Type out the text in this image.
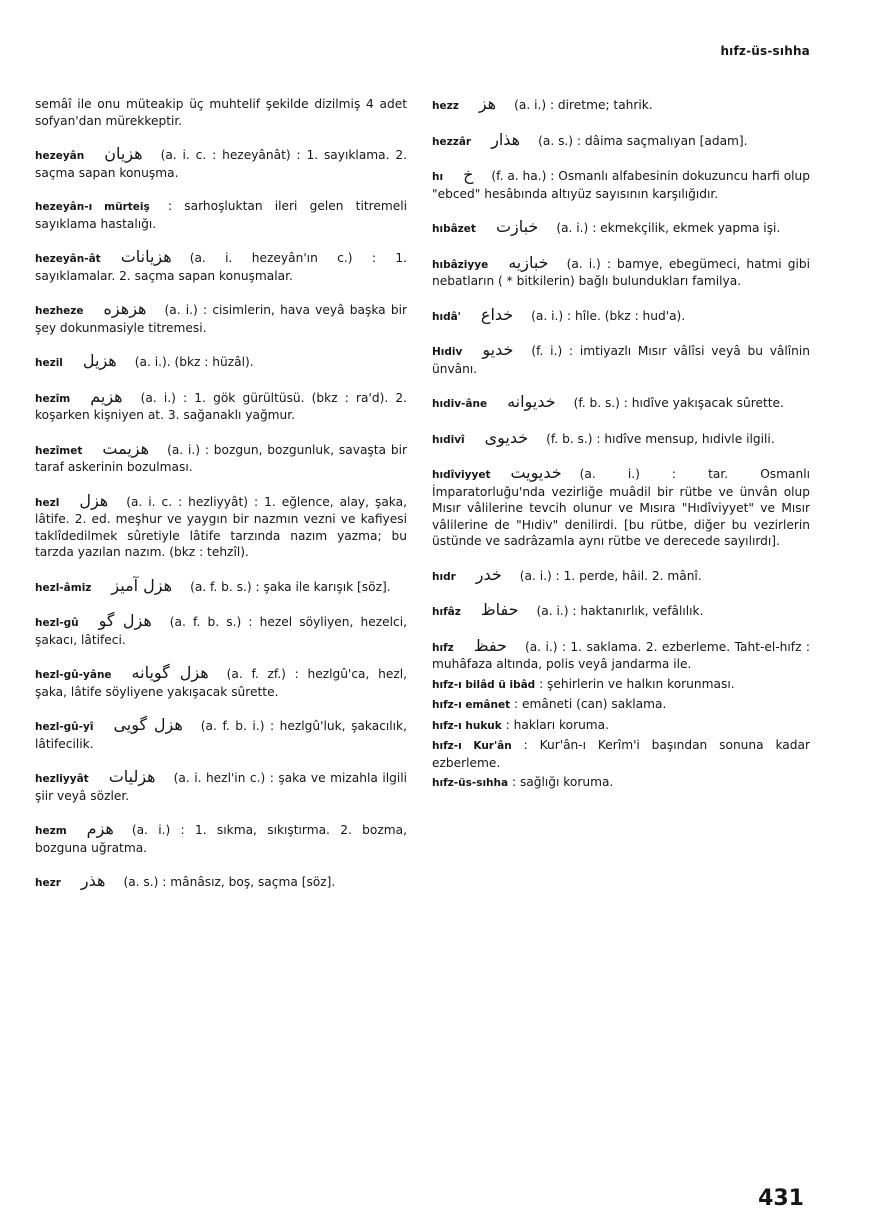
hıfz-üs-sıhha
semâî ile onu müteakip üç muhtelif şekilde dizilmiş 4 adet sofyan'dan mürekkeptir.
hezeyân هزيان (a. i. c. : hezeyânât) : 1. sayıklama. 2. saçma sapan konuşma.
hezeyân-ı mürteiş : sarhoşluktan ileri gelen titremeli sayıklama hastalığı.
hezeyân-ât هزيانات (a. i. hezeyân'ın c.) : 1. sayıklamalar. 2. saçma sapan konuşmalar.
hezheze هزهزه (a. i.) : cisimlerin, hava veyâ başka bir şey dokunmasiyle titremesi.
hezil هزيل (a. i.). (bkz : hüzâl).
hezîm هزيم (a. i.) : 1. gök gürültüsü. (bkz : ra'd). 2. koşarken kişniyen at. 3. sağanaklı yağmur.
hezîmet هزيمت (a. i.) : bozgun, bozgunluk, savaşta bir taraf askerinin bozulması.
hezl هزل (a. i. c. : hezliyyât) : 1. eğlence, alay, şaka, lâtife. 2. ed. meşhur ve yaygın bir nazmın vezni ve kafiyesi taklîdedilmek sûretiyle lâtife tarzında nazım yazma; bu tarzda yazılan nazım. (bkz : tehzîl).
hezl-âmiz هزل آميز (a. f. b. s.) : şaka ile karışık [söz].
hezl-gû هزل گو (a. f. b. s.) : hezel söyliyen, hezelci, şakacı, lâtifeci.
hezl-gû-yâne هزل گويانه (a. f. zf.) : hezlgû'ca, hezl, şaka, lâtife söyliyene yakışacak sûrette.
hezl-gû-yî هزل گويى (a. f. b. i.) : hezlgû'luk, şakacılık, lâtifecilik.
hezliyyât هزليات (a. i. hezl'in c.) : şaka ve mizahla ilgili şiir veyâ sözler.
hezm هزم (a. i.) : 1. sıkma, sıkıştırma. 2. bozma, bozguna uğratma.
hezr هذر (a. s.) : mânâsız, boş, saçma [söz].
hezz هز (a. i.) : diretme; tahrik.
hezzâr هذار (a. s.) : dâima saçmalıyan [adam].
hı خ (f. a. ha.) : Osmanlı alfabesinin dokuzuncu harfi olup "ebced" hesâbında altıyüz sayısının karşılığıdır.
hıbâzet خبازت (a. i.) : ekmekçilik, ekmek yapma işi.
hıbâziyye خبازيه (a. i.) : bamye, ebegümeci, hatmi gibi nebatların ( * bitkilerin) bağlı bulundukları familya.
hıdâ' خداع (a. i.) : hîle. (bkz : hud'a).
Hıdiv خديو (f. i.) : imtiyazlı Mısır vâlîsi veyâ bu vâlînin ünvânı.
hıdiv-âne خديوانه (f. b. s.) : hıdîve yakışacak sûrette.
hıdivî خديوى (f. b. s.) : hıdîve mensup, hıdivle ilgili.
hıdîviyyet خديويت (a. i.) : tar. Osmanlı İmparatorluğu'nda vezirliğe muâdil bir rütbe ve ünvân olup Mısır vâlilerine tevcih olunur ve Mısıra "Hıdîviyyet" ve Mısır vâlilerine de "Hıdiv" denilirdi. [bu rütbe, diğer bu vezirlerin üstünde ve sadrâzamla aynı rütbe ve derecede sayılırdı].
hıdr خدر (a. i.) : 1. perde, hâil. 2. mânî.
hıfâz حفاظ (a. i.) : haktanırlık, vefâlılık.
hıfz حفظ (a. i.) : 1. saklama. 2. ezberleme. Taht-el-hıfz : muhâfaza altında, polis veyâ jandarma ile.
hıfz-ı bilâd ü ibâd : şehirlerin ve halkın korunması.
hıfz-ı emânet : emâneti (can) saklama.
hıfz-ı hukuk : hakları koruma.
hıfz-ı Kur'ân : Kur'ân-ı Kerîm'i başından sonuna kadar ezberleme.
hıfz-üs-sıhha : sağlığı koruma.
431
